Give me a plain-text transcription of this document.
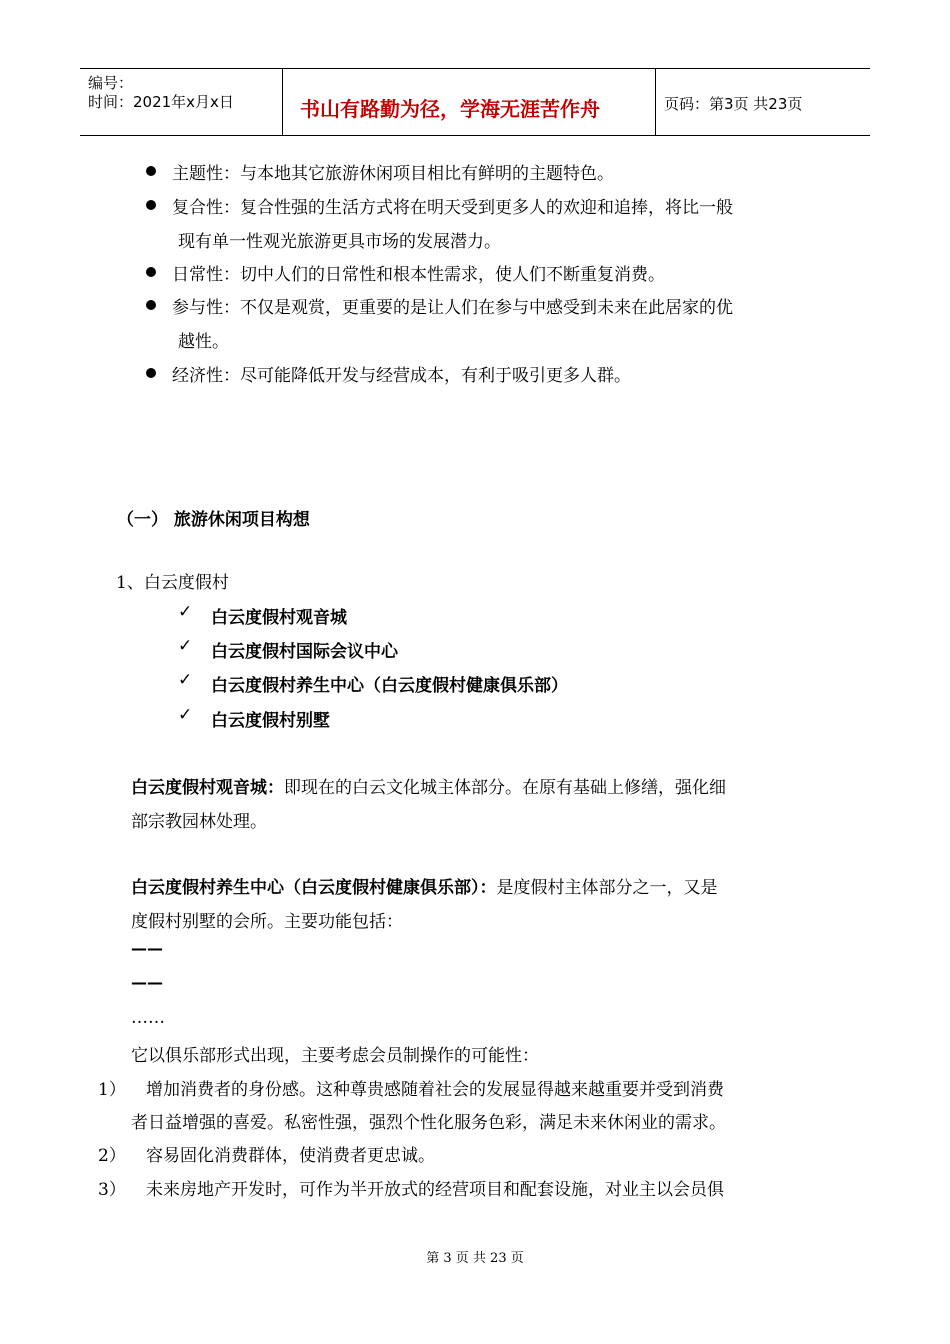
编号：
时间：2021年x月x日	书山有路勤为径，学海无涯苦作舟	页码：第3页 共23页
主题性：与本地其它旅游休闲项目相比有鲜明的主题特色。
复合性：复合性强的生活方式将在明天受到更多人的欢迎和追捧，将比一般
现有单一性观光旅游更具市场的发展潜力。
日常性：切中人们的日常性和根本性需求，使人们不断重复消费。
参与性：不仅是观赏，更重要的是让人们在参与中感受到未来在此居家的优
越性。
经济性：尽可能降低开发与经营成本，有利于吸引更多人群。
（一） 旅游休闲项目构想
1、白云度假村
✓ 白云度假村观音城
✓ 白云度假村国际会议中心
✓ 白云度假村养生中心（白云度假村健康俱乐部）
✓ 白云度假村别墅
白云度假村观音城：即现在的白云文化城主体部分。在原有基础上修缮，强化细
部宗教园林处理。
白云度假村养生中心（白云度假村健康俱乐部）：是度假村主体部分之一，又是
度假村别墅的会所。主要功能包括：
——
——
……
它以俱乐部形式出现，主要考虑会员制操作的可能性：
1） 增加消费者的身份感。这种尊贵感随着社会的发展显得越来越重要并受到消费
者日益增强的喜爱。私密性强，强烈个性化服务色彩，满足未来休闲业的需求。
2） 容易固化消费群体，使消费者更忠诚。
3） 未来房地产开发时，可作为半开放式的经营项目和配套设施，对业主以会员俱
第 3 页 共 23 页
